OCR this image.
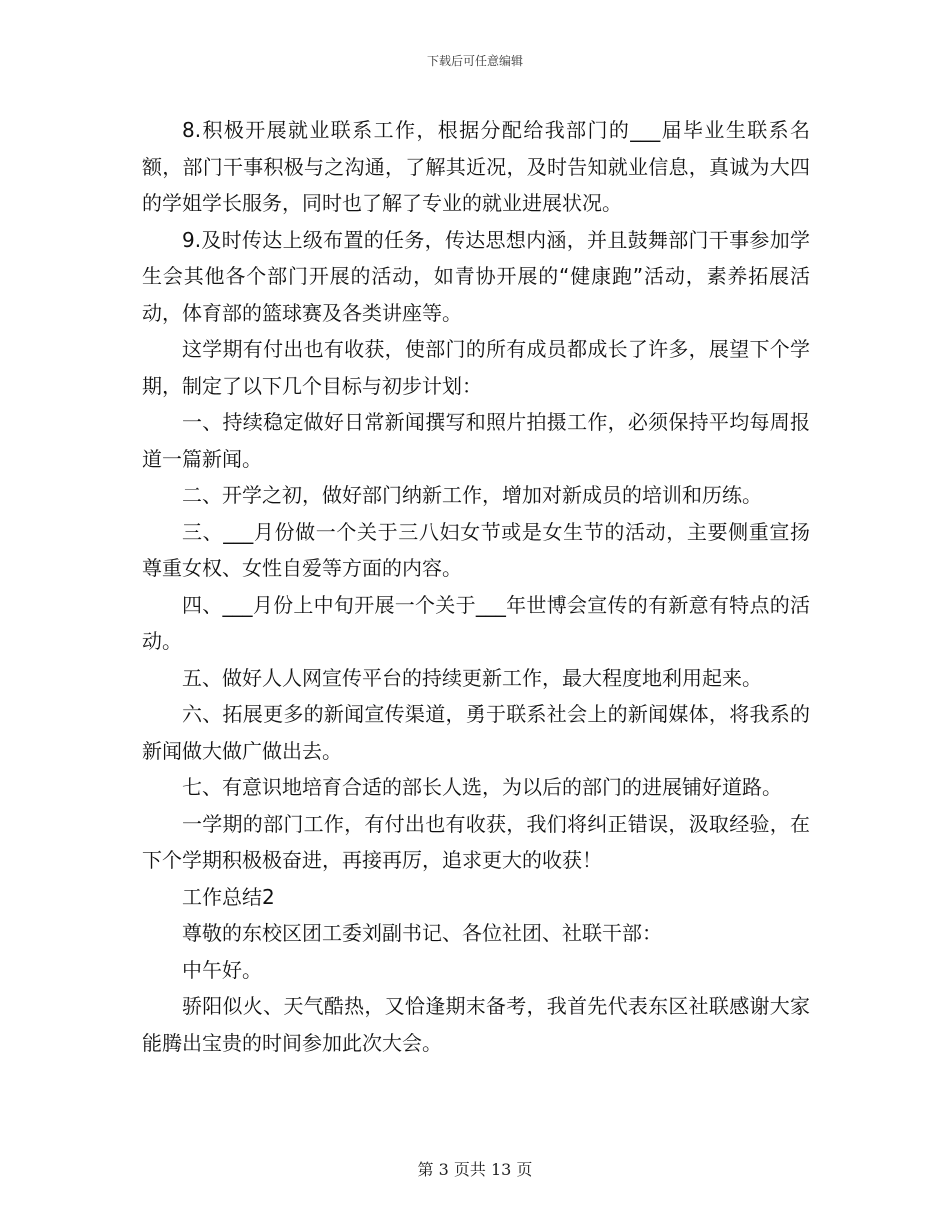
下载后可任意编辑

8.积极开展就业联系工作，根据分配给我部门的___届毕业生联系名额，部门干事积极与之沟通，了解其近况，及时告知就业信息，真诚为大四的学姐学长服务，同时也了解了专业的就业进展状况。

9.及时传达上级布置的任务，传达思想内涵，并且鼓舞部门干事参加学生会其他各个部门开展的活动，如青协开展的“健康跑”活动，素养拓展活动，体育部的篮球赛及各类讲座等。

这学期有付出也有收获，使部门的所有成员都成长了许多，展望下个学期，制定了以下几个目标与初步计划：

一、持续稳定做好日常新闻撰写和照片拍摄工作，必须保持平均每周报道一篇新闻。

二、开学之初，做好部门纳新工作，增加对新成员的培训和历练。

三、___月份做一个关于三八妇女节或是女生节的活动，主要侧重宣扬尊重女权、女性自爱等方面的内容。

四、___月份上中旬开展一个关于___年世博会宣传的有新意有特点的活动。

五、做好人人网宣传平台的持续更新工作，最大程度地利用起来。

六、拓展更多的新闻宣传渠道，勇于联系社会上的新闻媒体，将我系的新闻做大做广做出去。

七、有意识地培育合适的部长人选，为以后的部门的进展铺好道路。

一学期的部门工作，有付出也有收获，我们将纠正错误，汲取经验，在下个学期积极极奋进，再接再厉，追求更大的收获！

工作总结2

尊敬的东校区团工委刘副书记、各位社团、社联干部：

中午好。

骄阳似火、天气酷热，又恰逢期末备考，我首先代表东区社联感谢大家能腾出宝贵的时间参加此次大会。

第 3 页共 13 页
